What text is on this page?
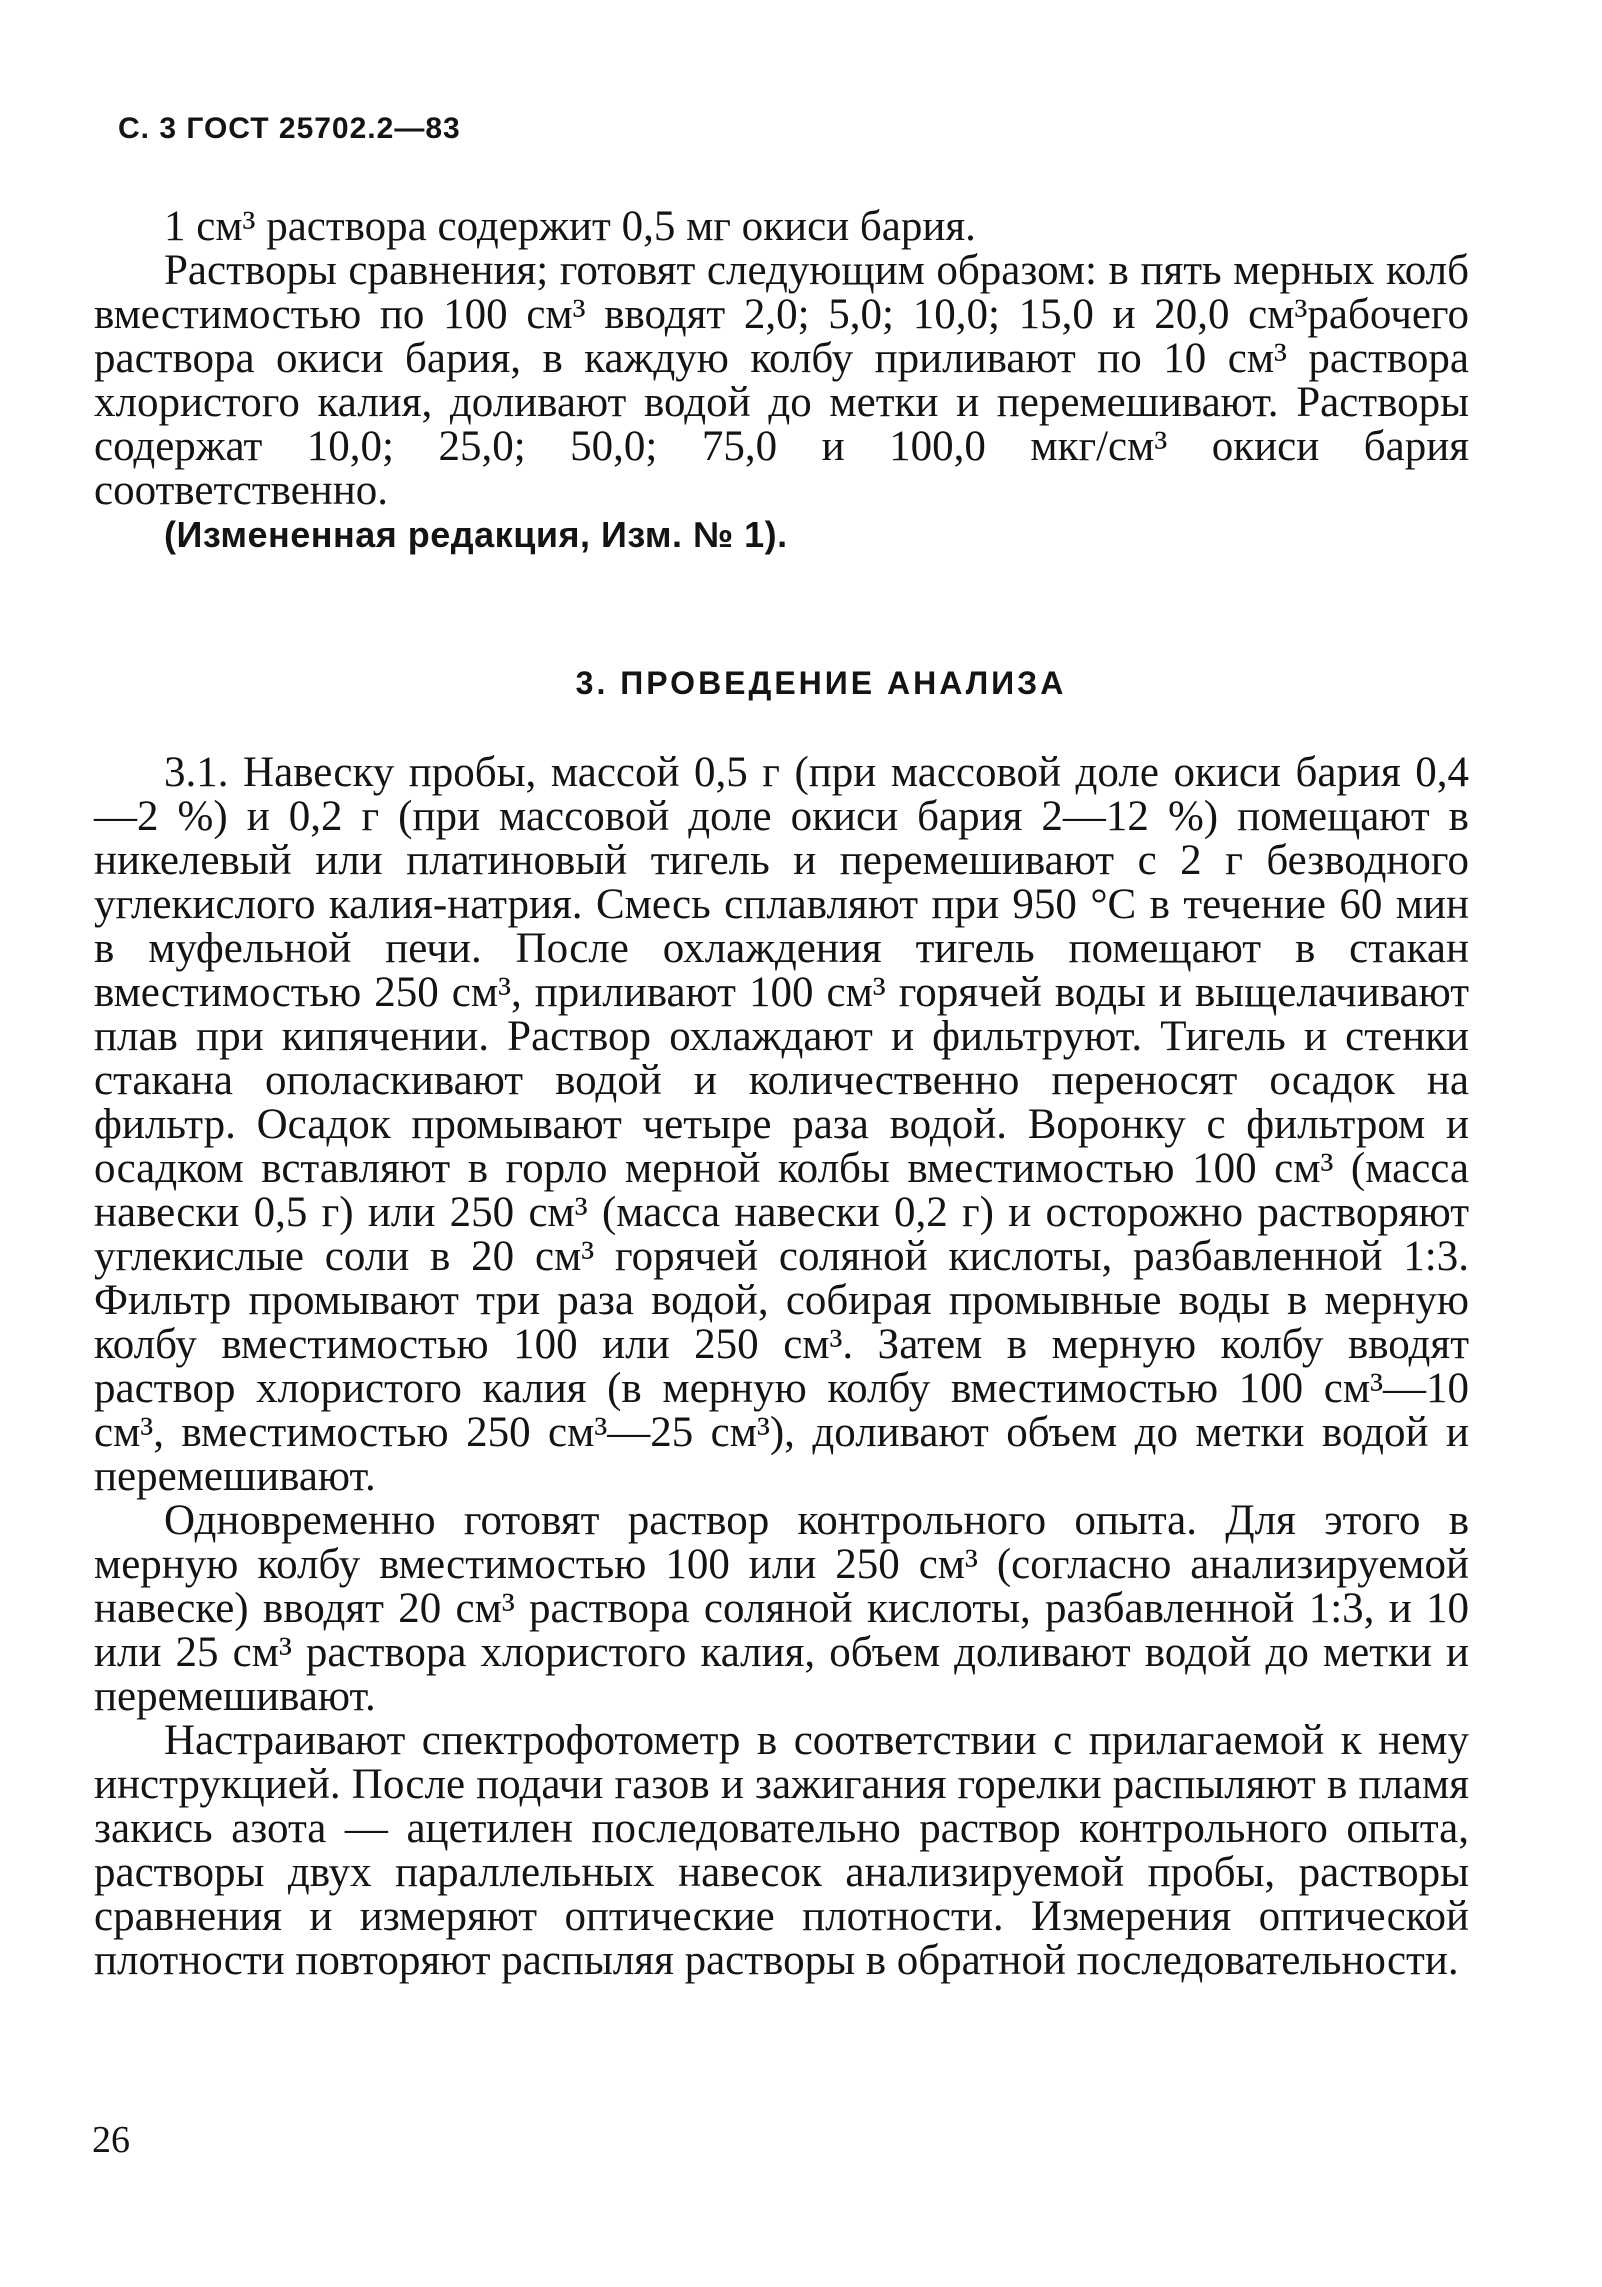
С. 3 ГОСТ 25702.2—83

1 см³ раствора содержит 0,5 мг окиси бария.

Растворы сравнения; готовят следующим образом: в пять мерных колб вместимостью по 100 см³ вводят 2,0; 5,0; 10,0; 15,0 и 20,0 см³рабочего раствора окиси бария, в каждую колбу приливают по 10 см³ раствора хлористого калия, доливают водой до метки и перемешивают. Растворы содержат 10,0; 25,0; 50,0; 75,0 и 100,0 мкг/см³ окиси бария соответственно.

(Измененная редакция, Изм. № 1).

3. ПРОВЕДЕНИЕ АНАЛИЗА

3.1. Навеску пробы, массой 0,5 г (при массовой доле окиси бария 0,4—2 %) и 0,2 г (при массовой доле окиси бария 2—12 %) помещают в никелевый или платиновый тигель и перемешивают с 2 г безводного углекислого калия-натрия. Смесь сплавляют при 950 °С в течение 60 мин в муфельной печи. После охлаждения тигель помещают в стакан вместимостью 250 см³, приливают 100 см³ горячей воды и выщелачивают плав при кипячении. Раствор охлаждают и фильтруют. Тигель и стенки стакана ополаскивают водой и количественно переносят осадок на фильтр. Осадок промывают четыре раза водой. Воронку с фильтром и осадком вставляют в горло мерной колбы вместимостью 100 см³ (масса навески 0,5 г) или 250 см³ (масса навески 0,2 г) и осторожно растворяют углекислые соли в 20 см³ горячей соляной кислоты, разбавленной 1:3. Фильтр промывают три раза водой, собирая промывные воды в мерную колбу вместимостью 100 или 250 см³. Затем в мерную колбу вводят раствор хлористого калия (в мерную колбу вместимостью 100 см³—10 см³, вместимостью 250 см³—25 см³), доливают объем до метки водой и перемешивают.

Одновременно готовят раствор контрольного опыта. Для этого в мерную колбу вместимостью 100 или 250 см³ (согласно анализируемой навеске) вводят 20 см³ раствора соляной кислоты, разбавленной 1:3, и 10 или 25 см³ раствора хлористого калия, объем доливают водой до метки и перемешивают.

Настраивают спектрофотометр в соответствии с прилагаемой к нему инструкцией. После подачи газов и зажигания горелки распыляют в пламя закись азота — ацетилен последовательно раствор контрольного опыта, растворы двух параллельных навесок анализируемой пробы, растворы сравнения и измеряют оптические плотности. Измерения оптической плотности повторяют распыляя растворы в обратной последовательности.

26
